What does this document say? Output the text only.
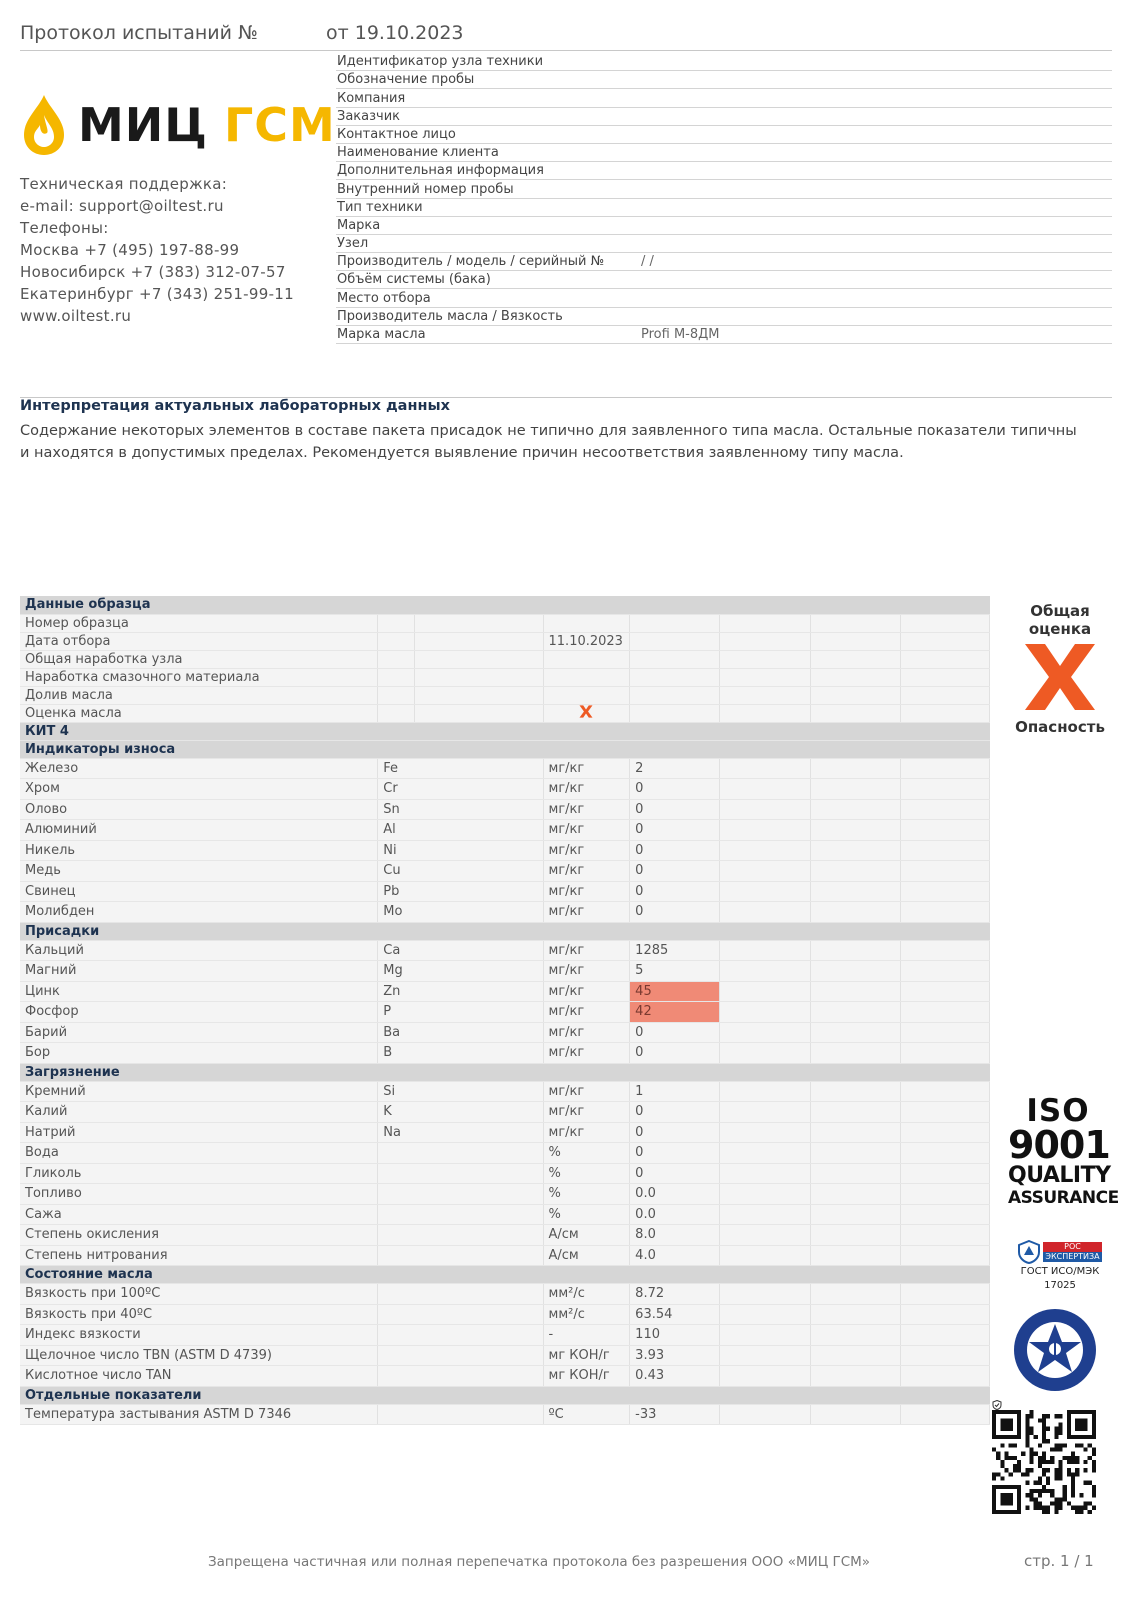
Протокол испытаний №	от 19.10.2023
МИЦ ГСМ
Техническая поддержка:
e-mail: support@oiltest.ru
Телефоны:
Москва +7 (495) 197-88-99
Новосибирск +7 (383) 312-07-57
Екатеринбург +7 (343) 251-99-11
www.oiltest.ru
Идентификатор узла техники
Обозначение пробы
Компания
Заказчик
Контактное лицо
Наименование клиента
Дополнительная информация
Внутренний номер пробы
Тип техники
Марка
Узел
Производитель / модель / серийный №	/ /
Объём системы (бака)
Место отбора
Производитель масла / Вязкость
Марка масла	Profi М-8ДМ
Интерпретация актуальных лабораторных данных
Содержание некоторых элементов в составе пакета присадок не типично для заявленного типа масла. Остальные показатели типичны
и находятся в допустимых пределах. Рекомендуется выявление причин несоответствия заявленному типу масла.
Данные образца							
Номер образца							
Дата отбора			11.10.2023				
Общая наработка узла							
Наработка смазочного материала							
Долив масла							
Оценка масла							
КИТ 4							
Индикаторы износа							
Железо	Fe		мг/кг	2			
Хром	Cr		мг/кг	0			
Олово	Sn		мг/кг	0			
Алюминий	Al		мг/кг	0			
Никель	Ni		мг/кг	0			
Медь	Cu		мг/кг	0			
Свинец	Pb		мг/кг	0			
Молибден	Mo		мг/кг	0			
Присадки							
Кальций	Ca		мг/кг	1285			
Магний	Mg		мг/кг	5			
Цинк	Zn		мг/кг	45			
Фосфор	P		мг/кг	42			
Барий	Ba		мг/кг	0			
Бор	B		мг/кг	0			
Загрязнение							
Кремний	Si		мг/кг	1			
Калий	K		мг/кг	0			
Натрий	Na		мг/кг	0			
Вода			%	0			
Гликоль			%	0			
Топливо			%	0.0			
Сажа			%	0.0			
Степень окисления			A/см	8.0			
Степень нитрования			A/см	4.0			
Состояние масла							
Вязкость при 100ºC			мм²/с	8.72			
Вязкость при 40ºC			мм²/с	63.54			
Индекс вязкости			-	110			
Щелочное число TBN (ASTM D 4739)			мг КОН/г	3.93			
Кислотное число TAN			мг КОН/г	0.43			
Отдельные показатели							
Температура застывания ASTM D 7346			ºC	-33			
Общая оценка
Опасность
ISO
9001
QUALITY
ASSURANCE
РОС
ЭКСПЕРТИЗА
ГОСТ ИСО/МЭК
17025
Запрещена частичная или полная перепечатка протокола без разрешения ООО «МИЦ ГСМ»	стр. 1 / 1
